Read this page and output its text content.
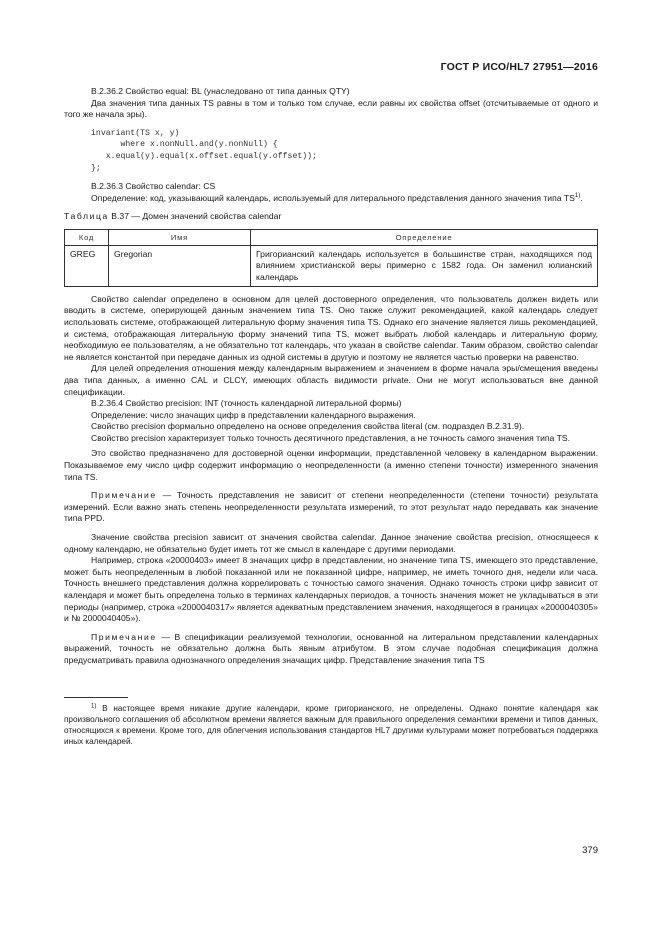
ГОСТ Р ИСО/HL7 27951—2016

B.2.36.2 Свойство equal: BL (унаследовано от типа данных QTY)

Два значения типа данных TS равны в том и только том случае, если равны их свойства offset (отсчитываемые от одного и того же начала эры).

invariant(TS x, y)
where x.nonNull.and(y.nonNull) {
x.equal(y).equal(x.offset.equal(y.offset));
};

B.2.36.3 Свойство calendar: CS

Определение: код, указывающий календарь, используемый для литерального представления данного значения типа TS$^{1)}$.

Таблица B.37 — Домен значений свойства calendar

Код	Имя	Определение
GREG	Gregorian	Григорианский календарь используется в большинстве стран, находящихся под влиянием христианской веры примерно с 1582 года. Он заменил юлианский календарь

Свойство calendar определено в основном для целей достоверного определения, что пользователь должен видеть или вводить в системе, оперирующей данным значением типа TS. Оно также служит рекомендацией, какой календарь следует использовать системе, отображающей литеральную форму значения типа TS. Однако его значение является лишь рекомендацией, и система, отображающая литеральную форму значений типа TS, может выбрать любой календарь и литеральную форму, необходимую ее пользователям, а не обязательно тот календарь, что указан в свойстве calendar. Таким образом, свойство calendar не является константой при передаче данных из одной системы в другую и поэтому не является частью проверки на равенство.

Для целей определения отношения между календарным выражением и значением в форме начала эры/смещения введены два типа данных, а именно CAL и CLCY, имеющих область видимости private. Они не могут использоваться вне данной спецификации.

B.2.36.4 Свойство precision: INT (точность календарной литеральной формы)

Определение: число значащих цифр в представлении календарного выражения.

Свойство precision формально определено на основе определения свойства literal (см. подраздел B.2.31.9).

Свойство precision характеризует только точность десятичного представления, а не точность самого значения типа TS.

Это свойство предназначено для достоверной оценки информации, представленной человеку в календарном выражении. Показываемое ему число цифр содержит информацию о неопределенности (а именно степени точности) измеренного значения типа TS.

Примечание — Точность представления не зависит от степени неопределенности (степени точности) результата измерений. Если важно знать степень неопределенности результата измерений, то этот результат надо передавать как значение типа PPD.

Значение свойства precision зависит от значения свойства calendar. Данное значение свойства precision, относящееся к одному календарю, не обязательно будет иметь тот же смысл в календаре с другими периодами.

Например, строка «20000403» имеет 8 значащих цифр в представлении, но значение типа TS, имеющего это представление, может быть неопределенным в любой показанной или не показанной цифре, например, не иметь точного дня, недели или часа. Точность внешнего представления должна коррелировать с точностью самого значения. Однако точность строки цифр зависит от календаря и может быть определена только в терминах календарных периодов, а точность значения может не укладываться в эти периоды (например, строка «2000040317» является адекватным представлением значения, находящегося в границах «2000040305» и № 2000040405»).

Примечание — В спецификации реализуемой технологии, основанной на литеральном представлении календарных выражений, точность не обязательно должна быть явным атрибутом. В этом случае подобная спецификация должна предусматривать правила однозначного определения значащих цифр. Представление значения типа TS

$^{1)}$ В настоящее время никакие другие календари, кроме григорианского, не определены. Однако понятие календаря как произвольного соглашения об абсолютном времени является важным для правильного определения семантики времени и типов данных, относящихся к времени. Кроме того, для облегчения использования стандартов HL7 другими культурами может потребоваться поддержка иных календарей.

379
